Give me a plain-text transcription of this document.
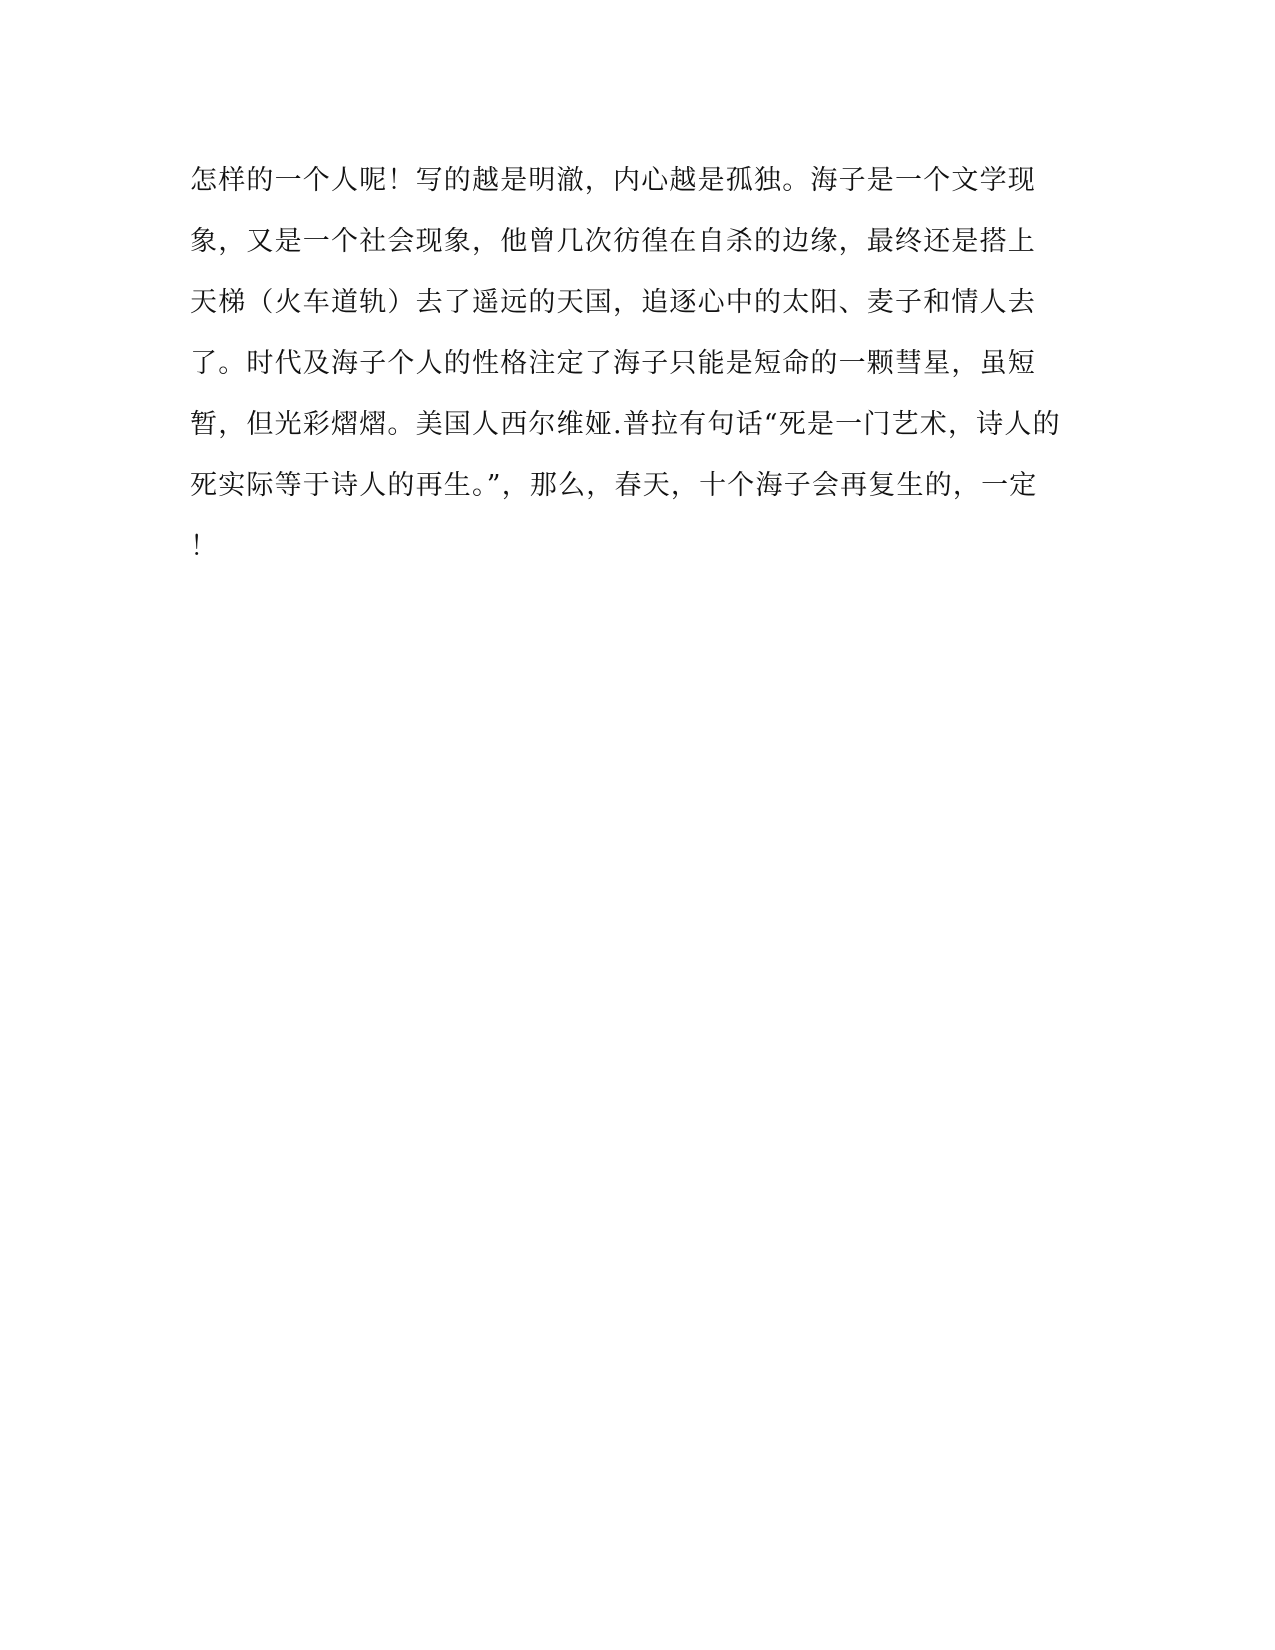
怎样的一个人呢！写的越是明澈，内心越是孤独。海子是一个文学现
象，又是一个社会现象，他曾几次彷徨在自杀的边缘，最终还是搭上
天梯（火车道轨）去了遥远的天国，追逐心中的太阳、麦子和情人去
了。时代及海子个人的性格注定了海子只能是短命的一颗彗星，虽短
暂，但光彩熠熠。美国人西尔维娅.普拉有句话“死是一门艺术，诗人的
死实际等于诗人的再生。”，那么，春天，十个海子会再复生的，一定
！
